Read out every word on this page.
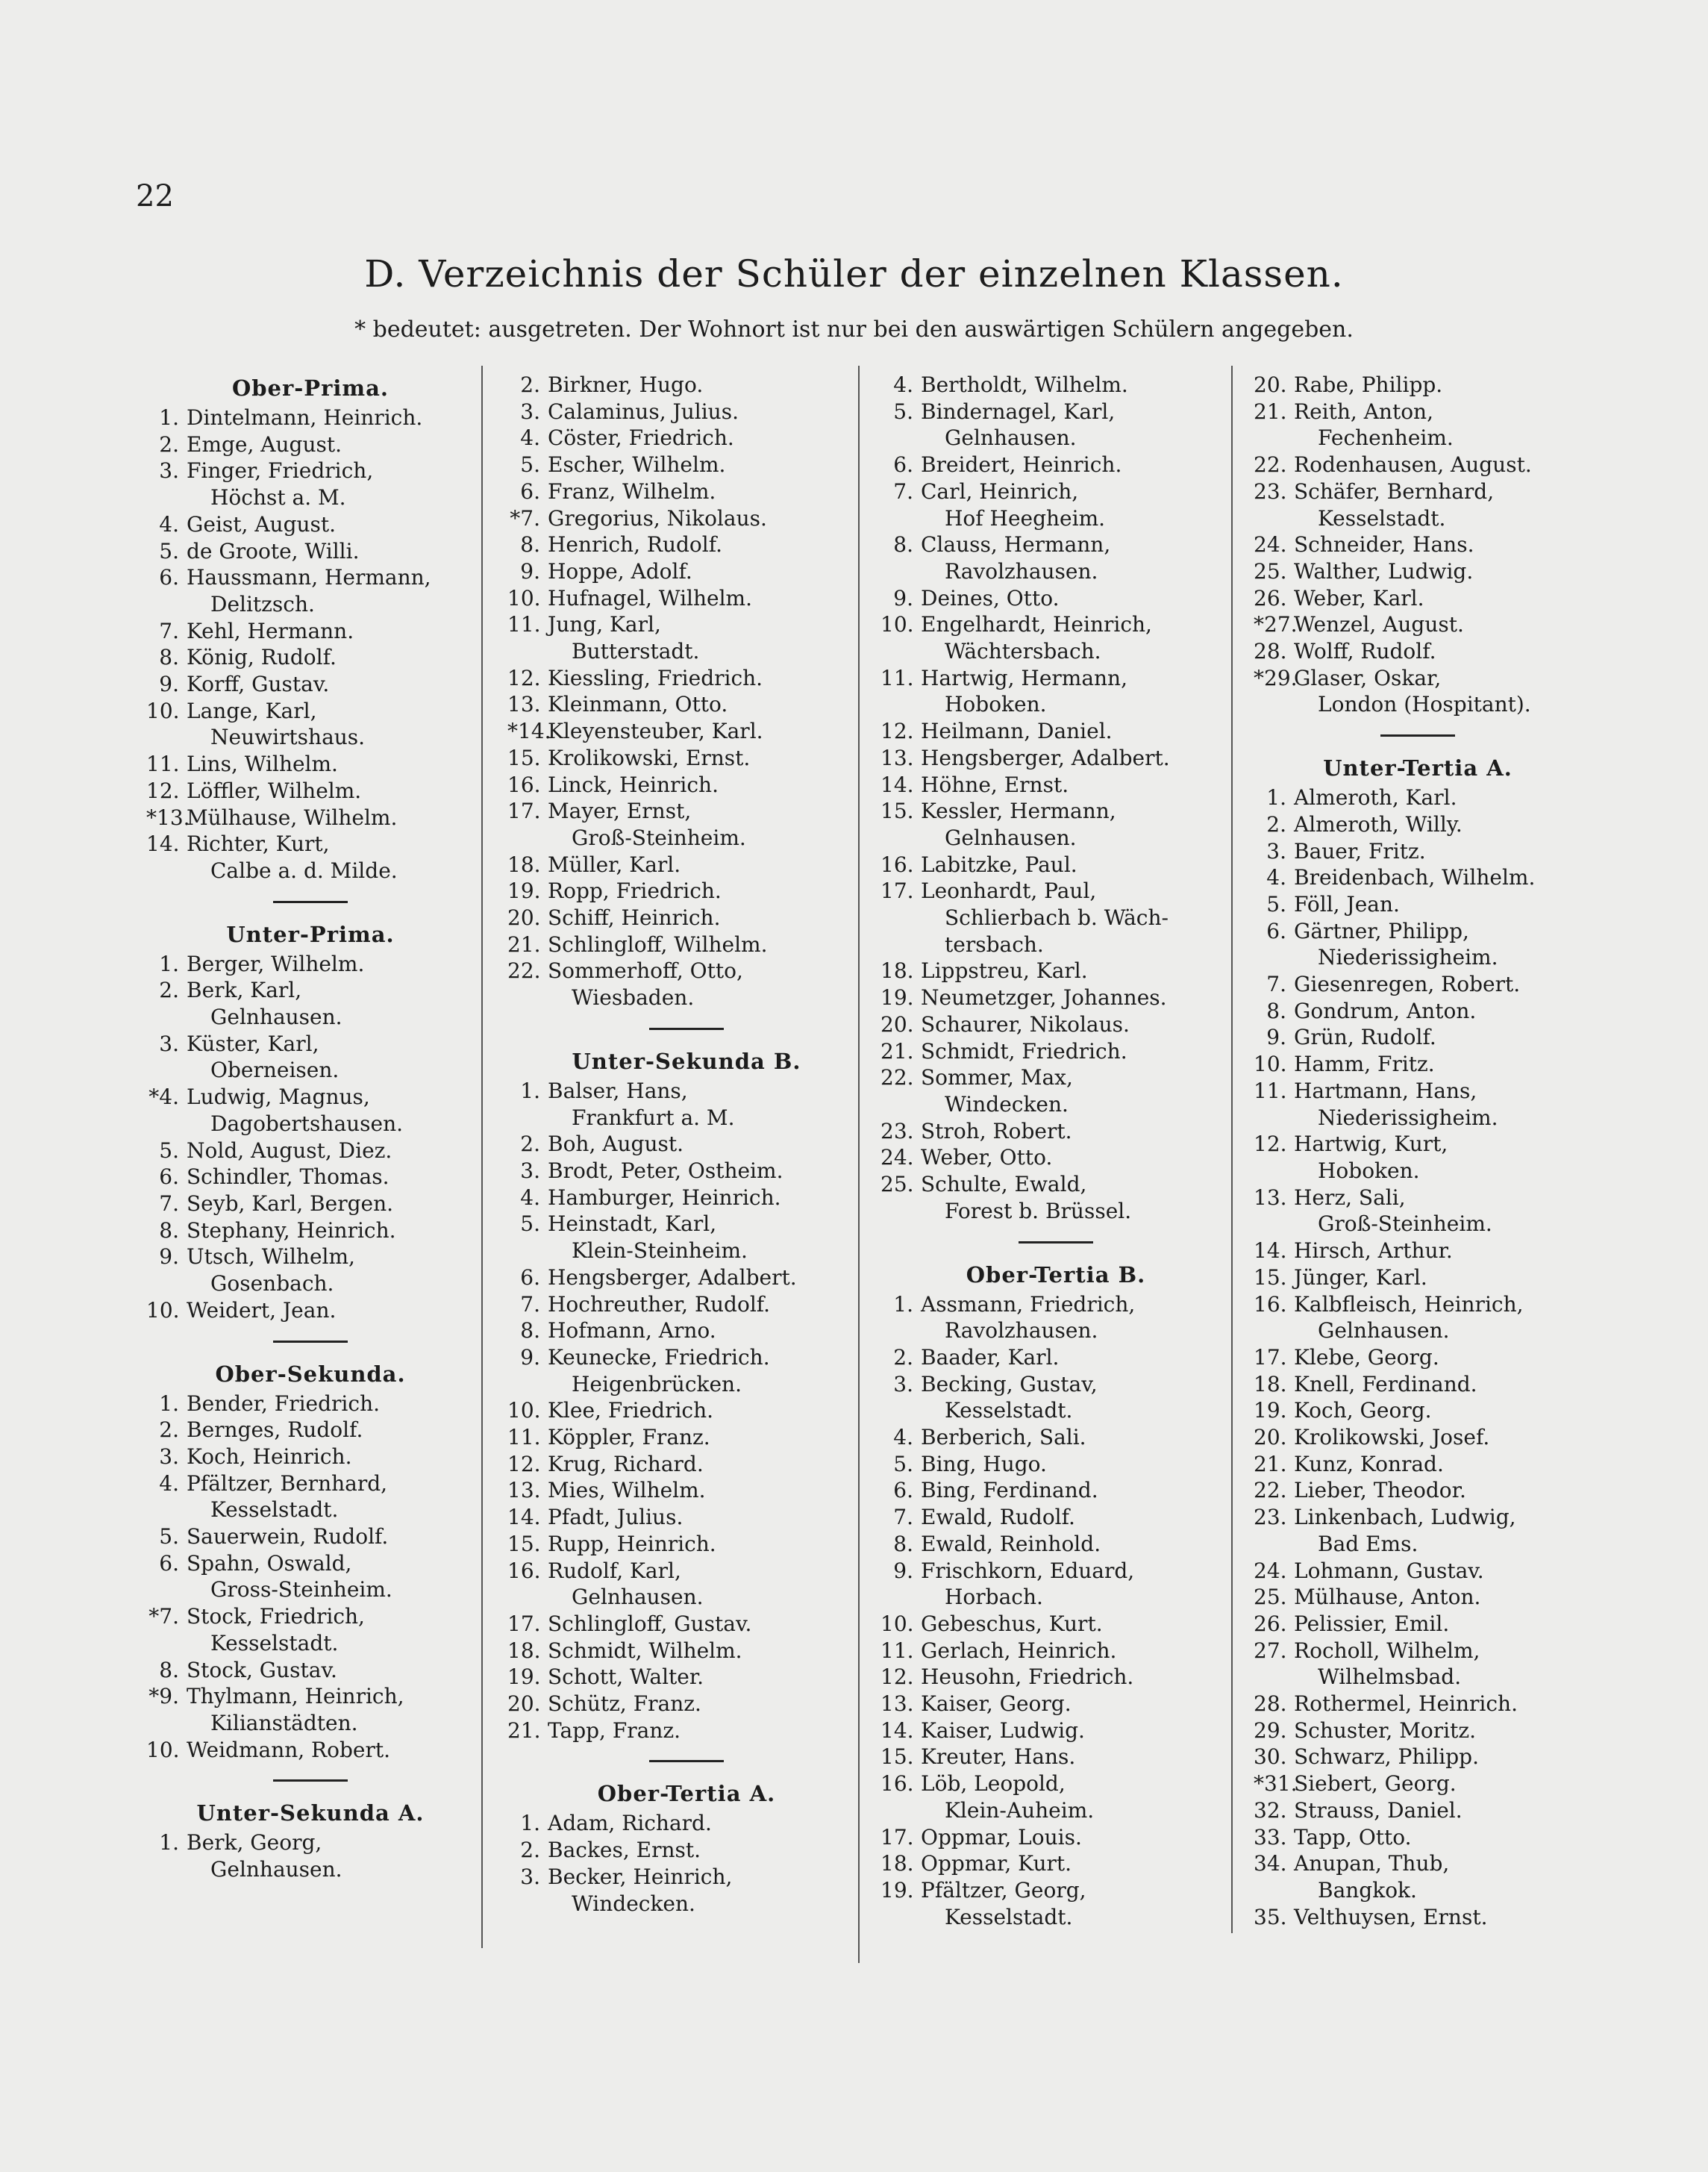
22
D. Verzeichnis der Schüler der einzelnen Klassen.
* bedeutet: ausgetreten. Der Wohnort ist nur bei den auswärtigen Schülern angegeben.
Ober-Prima.
1. Dintelmann, Heinrich.
2. Emge, August.
3. Finger, Friedrich,
Höchst a. M.
4. Geist, August.
5. de Groote, Willi.
6. Haussmann, Hermann,
Delitzsch.
7. Kehl, Hermann.
8. König, Rudolf.
9. Korff, Gustav.
10. Lange, Karl,
Neuwirtshaus.
11. Lins, Wilhelm.
12. Löffler, Wilhelm.
*13.Mülhause, Wilhelm.
14. Richter, Kurt,
Calbe a. d. Milde.
Unter-Prima.
1. Berger, Wilhelm.
2. Berk, Karl,
Gelnhausen.
3. Küster, Karl,
Oberneisen.
*4. Ludwig, Magnus,
Dagobertshausen.
5. Nold, August, Diez.
6. Schindler, Thomas.
7. Seyb, Karl, Bergen.
8. Stephany, Heinrich.
9. Utsch, Wilhelm,
Gosenbach.
10. Weidert, Jean.
Ober-Sekunda.
1. Bender, Friedrich.
2. Bernges, Rudolf.
3. Koch, Heinrich.
4. Pfältzer, Bernhard,
Kesselstadt.
5. Sauerwein, Rudolf.
6. Spahn, Oswald,
Gross-Steinheim.
*7. Stock, Friedrich,
Kesselstadt.
8. Stock, Gustav.
*9. Thylmann, Heinrich,
Kilianstädten.
10. Weidmann, Robert.
Unter-Sekunda A.
1. Berk, Georg,
Gelnhausen.
2. Birkner, Hugo.
3. Calaminus, Julius.
4. Cöster, Friedrich.
5. Escher, Wilhelm.
6. Franz, Wilhelm.
*7. Gregorius, Nikolaus.
8. Henrich, Rudolf.
9. Hoppe, Adolf.
10. Hufnagel, Wilhelm.
11. Jung, Karl,
Butterstadt.
12. Kiessling, Friedrich.
13. Kleinmann, Otto.
*14.Kleyensteuber, Karl.
15. Krolikowski, Ernst.
16. Linck, Heinrich.
17. Mayer, Ernst,
Groß-Steinheim.
18. Müller, Karl.
19. Ropp, Friedrich.
20. Schiff, Heinrich.
21. Schlingloff, Wilhelm.
22. Sommerhoff, Otto,
Wiesbaden.
Unter-Sekunda B.
1. Balser, Hans,
Frankfurt a. M.
2. Boh, August.
3. Brodt, Peter, Ostheim.
4. Hamburger, Heinrich.
5. Heinstadt, Karl,
Klein-Steinheim.
6. Hengsberger, Adalbert.
7. Hochreuther, Rudolf.
8. Hofmann, Arno.
9. Keunecke, Friedrich.
Heigenbrücken.
10. Klee, Friedrich.
11. Köppler, Franz.
12. Krug, Richard.
13. Mies, Wilhelm.
14. Pfadt, Julius.
15. Rupp, Heinrich.
16. Rudolf, Karl,
Gelnhausen.
17. Schlingloff, Gustav.
18. Schmidt, Wilhelm.
19. Schott, Walter.
20. Schütz, Franz.
21. Tapp, Franz.
Ober-Tertia A.
1. Adam, Richard.
2. Backes, Ernst.
3. Becker, Heinrich,
Windecken.
4. Bertholdt, Wilhelm.
5. Bindernagel, Karl,
Gelnhausen.
6. Breidert, Heinrich.
7. Carl, Heinrich,
Hof Heegheim.
8. Clauss, Hermann,
Ravolzhausen.
9. Deines, Otto.
10. Engelhardt, Heinrich,
Wächtersbach.
11. Hartwig, Hermann,
Hoboken.
12. Heilmann, Daniel.
13. Hengsberger, Adalbert.
14. Höhne, Ernst.
15. Kessler, Hermann,
Gelnhausen.
16. Labitzke, Paul.
17. Leonhardt, Paul,
Schlierbach b. Wäch-
tersbach.
18. Lippstreu, Karl.
19. Neumetzger, Johannes.
20. Schaurer, Nikolaus.
21. Schmidt, Friedrich.
22. Sommer, Max,
Windecken.
23. Stroh, Robert.
24. Weber, Otto.
25. Schulte, Ewald,
Forest b. Brüssel.
Ober-Tertia B.
1. Assmann, Friedrich,
Ravolzhausen.
2. Baader, Karl.
3. Becking, Gustav,
Kesselstadt.
4. Berberich, Sali.
5. Bing, Hugo.
6. Bing, Ferdinand.
7. Ewald, Rudolf.
8. Ewald, Reinhold.
9. Frischkorn, Eduard,
Horbach.
10. Gebeschus, Kurt.
11. Gerlach, Heinrich.
12. Heusohn, Friedrich.
13. Kaiser, Georg.
14. Kaiser, Ludwig.
15. Kreuter, Hans.
16. Löb, Leopold,
Klein-Auheim.
17. Oppmar, Louis.
18. Oppmar, Kurt.
19. Pfältzer, Georg,
Kesselstadt.
20. Rabe, Philipp.
21. Reith, Anton,
Fechenheim.
22. Rodenhausen, August.
23. Schäfer, Bernhard,
Kesselstadt.
24. Schneider, Hans.
25. Walther, Ludwig.
26. Weber, Karl.
*27.Wenzel, August.
28. Wolff, Rudolf.
*29.Glaser, Oskar,
London (Hospitant).
Unter-Tertia A.
1. Almeroth, Karl.
2. Almeroth, Willy.
3. Bauer, Fritz.
4. Breidenbach, Wilhelm.
5. Föll, Jean.
6. Gärtner, Philipp,
Niederissigheim.
7. Giesenregen, Robert.
8. Gondrum, Anton.
9. Grün, Rudolf.
10. Hamm, Fritz.
11. Hartmann, Hans,
Niederissigheim.
12. Hartwig, Kurt,
Hoboken.
13. Herz, Sali,
Groß-Steinheim.
14. Hirsch, Arthur.
15. Jünger, Karl.
16. Kalbfleisch, Heinrich,
Gelnhausen.
17. Klebe, Georg.
18. Knell, Ferdinand.
19. Koch, Georg.
20. Krolikowski, Josef.
21. Kunz, Konrad.
22. Lieber, Theodor.
23. Linkenbach, Ludwig,
Bad Ems.
24. Lohmann, Gustav.
25. Mülhause, Anton.
26. Pelissier, Emil.
27. Rocholl, Wilhelm,
Wilhelmsbad.
28. Rothermel, Heinrich.
29. Schuster, Moritz.
30. Schwarz, Philipp.
*31.Siebert, Georg.
32. Strauss, Daniel.
33. Tapp, Otto.
34. Anupan, Thub,
Bangkok.
35. Velthuysen, Ernst.
